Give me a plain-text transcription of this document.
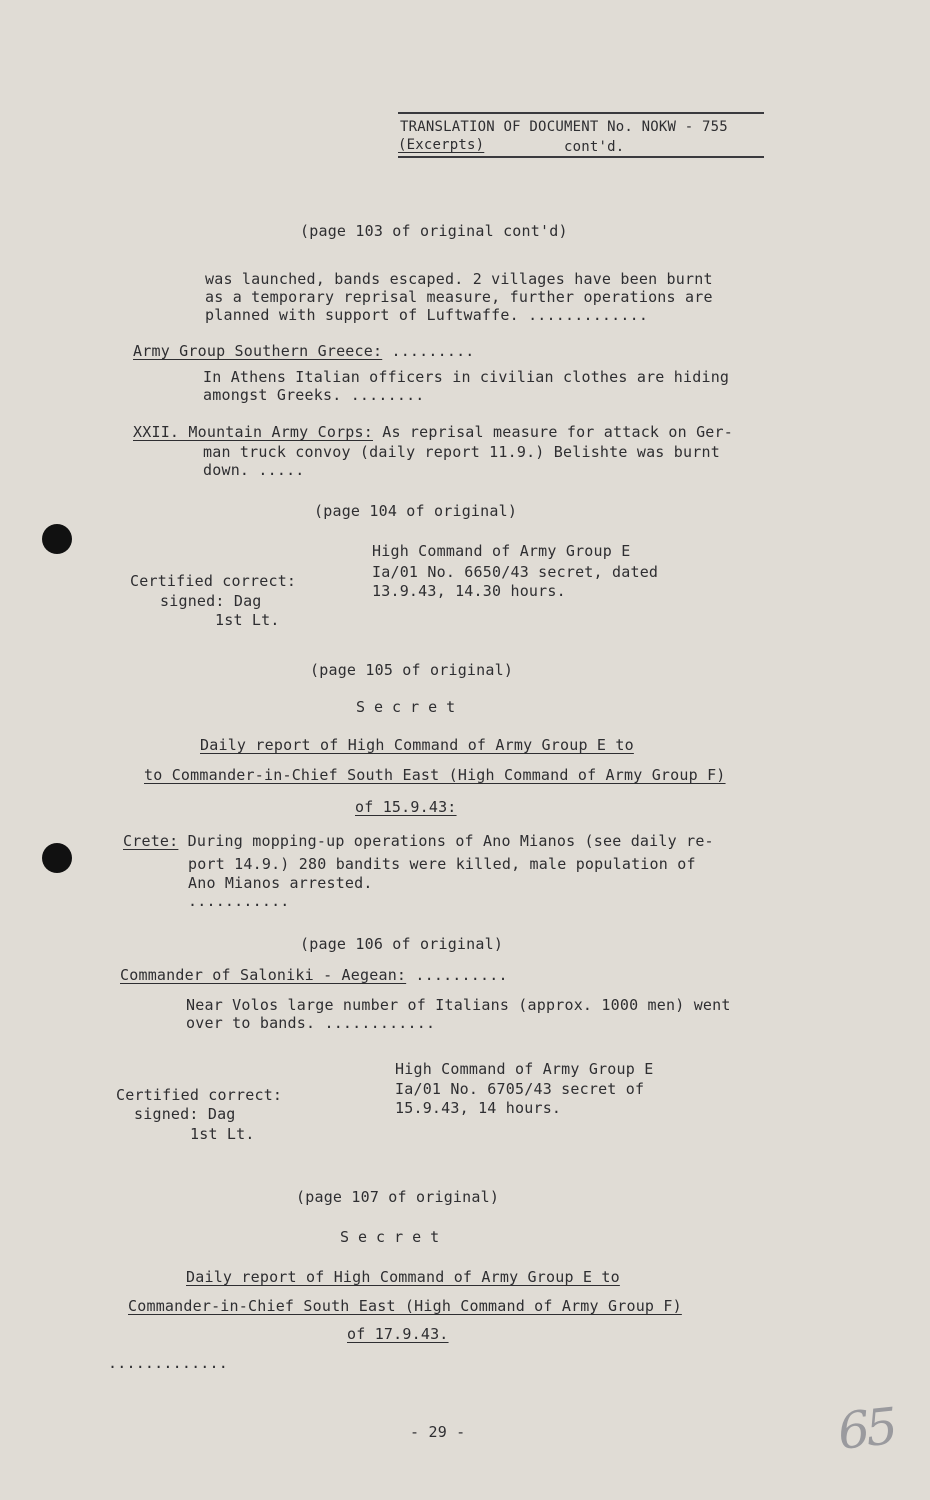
TRANSLATION OF DOCUMENT No. NOKW - 755
(Excerpts)	cont'd.
(page 103 of original cont'd)
was launched, bands escaped. 2 villages have been burnt
as a temporary reprisal measure, further operations are
planned with support of Luftwaffe. .............
Army Group Southern Greece: .........
In Athens Italian officers in civilian clothes are hiding
amongst Greeks. ........
XXII. Mountain Army Corps: As reprisal measure for attack on Ger-
man truck convoy (daily report 11.9.) Belishte was burnt
down. .....
(page 104 of original)
High Command of Army Group E
Ia/01 No. 6650/43 secret, dated
13.9.43, 14.30 hours.
Certified correct:
signed: Dag
1st Lt.
(page 105 of original)
Secret
Daily report of High Command of Army Group E to
to Commander-in-Chief South East (High Command of Army Group F)
of 15.9.43:
Crete: During mopping-up operations of Ano Mianos (see daily re-
port 14.9.) 280 bandits were killed, male population of
Ano Mianos arrested.
...........
(page 106 of original)
Commander of Saloniki - Aegean: ..........
Near Volos large number of Italians (approx. 1000 men) went
over to bands. ............
High Command of Army Group E
Ia/01 No. 6705/43 secret of
15.9.43, 14 hours.
Certified correct:
signed: Dag
1st Lt.
(page 107 of original)
Secret
Daily report of High Command of Army Group E to
Commander-in-Chief South East (High Command of Army Group F)
of 17.9.43.
.............
- 29 -	65
